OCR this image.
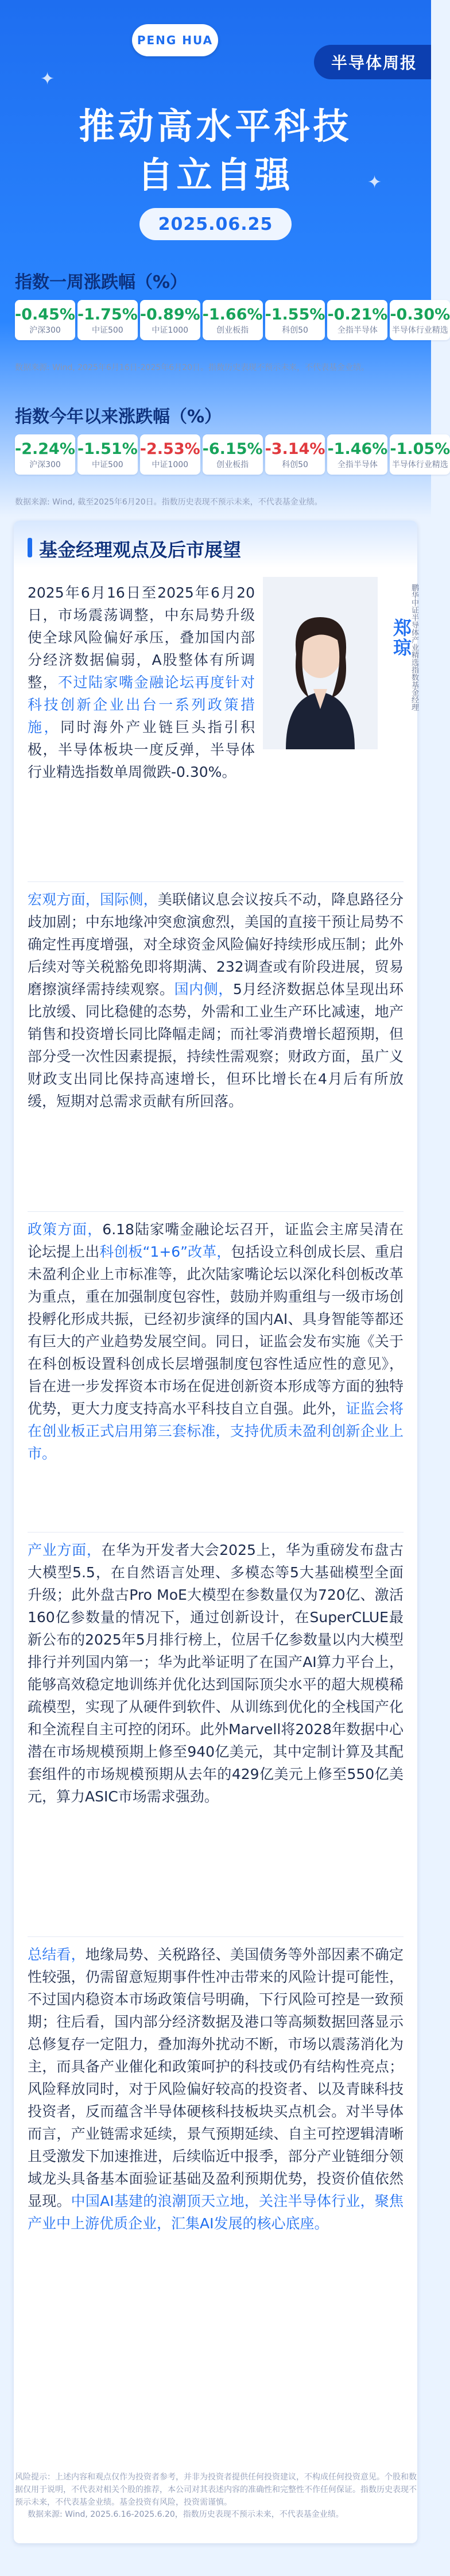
✦
✦
PENG HUA
半导体周报
推动高水平科技
自立自强
2025.06.25
指数一周涨跌幅（%）
-0.45%
沪深300
-1.75%
中证500
-0.89%
中证1000
-1.66%
创业板指
-1.55%
科创50
-0.21%
全指半导体
-0.30%
半导体行业精选
数据来源: Wind, 2025年6月16日-2025年6月20日。指数历史表现不预示未来，不代表基金业绩。
指数今年以来涨跌幅（%）
-2.24%
沪深300
-1.51%
中证500
-2.53%
中证1000
-6.15%
创业板指
-3.14%
科创50
-1.46%
全指半导体
-1.05%
半导体行业精选
数据来源: Wind, 截至2025年6月20日。指数历史表现不预示未来，不代表基金业绩。
基金经理观点及后市展望
郑琼
鹏华中证半导体产业精选指数基金经理
2025年6月16日至2025年6月20日，市场震荡调整，中东局势升级使全球风险偏好承压，叠加国内部分经济数据偏弱，A股整体有所调整，不过陆家嘴金融论坛再度针对科技创新企业出台一系列政策措施，同时海外产业链巨头指引积极，半导体板块一度反弹，半导体行业精选指数单周微跌-0.30%。
宏观方面，国际侧，美联储议息会议按兵不动，降息路径分歧加剧；中东地缘冲突愈演愈烈，美国的直接干预让局势不确定性再度增强，对全球资金风险偏好持续形成压制；此外后续对等关税豁免即将期满、232调查或有阶段进展，贸易磨擦演绎需持续观察。国内侧，5月经济数据总体呈现出环比放缓、同比稳健的态势，外需和工业生产环比减速，地产销售和投资增长同比降幅走阔；而社零消费增长超预期，但部分受一次性因素提振，持续性需观察；财政方面，虽广义财政支出同比保持高速增长，但环比增长在4月后有所放缓，短期对总需求贡献有所回落。
政策方面，6.18陆家嘴金融论坛召开，证监会主席吴清在论坛提上出科创板“1+6”改革，包括设立科创成长层、重启未盈利企业上市标准等，此次陆家嘴论坛以深化科创板改革为重点，重在加强制度包容性，鼓励并购重组与一级市场创投孵化形成共振，已经初步演绎的国内AI、具身智能等都还有巨大的产业趋势发展空间。同日，证监会发布实施《关于在科创板设置科创成长层增强制度包容性适应性的意见》，旨在进一步发挥资本市场在促进创新资本形成等方面的独特优势，更大力度支持高水平科技自立自强。此外，证监会将在创业板正式启用第三套标准，支持优质未盈利创新企业上市。
产业方面，在华为开发者大会2025上，华为重磅发布盘古大模型5.5，在自然语言处理、多模态等5大基础模型全面升级；此外盘古Pro MoE大模型在参数量仅为720亿、激活160亿参数量的情况下，通过创新设计，在SuperCLUE最新公布的2025年5月排行榜上，位居千亿参数量以内大模型排行并列国内第一；华为此举证明了在国产AI算力平台上，能够高效稳定地训练并优化达到国际顶尖水平的超大规模稀疏模型，实现了从硬件到软件、从训练到优化的全栈国产化和全流程自主可控的闭环。此外Marvell将2028年数据中心潜在市场规模预期上修至940亿美元，其中定制计算及其配套组件的市场规模预期从去年的429亿美元上修至550亿美元，算力ASIC市场需求强劲。
总结看，地缘局势、关税路径、美国债务等外部因素不确定性较强，仍需留意短期事件性冲击带来的风险计提可能性，不过国内稳资本市场政策信号明确，下行风险可控是一致预期；往后看，国内部分经济数据及港口等高频数据回落显示总修复存一定阻力，叠加海外扰动不断，市场以震荡消化为主，而具备产业催化和政策呵护的科技或仍有结构性亮点；风险释放同时，对于风险偏好较高的投资者、以及青睐科技投资者，反而蕴含半导体硬核科技板块买点机会。对半导体而言，产业链需求延续，景气预期延续、自主可控逻辑清晰且受激发下加速推进，后续临近中报季，部分产业链细分领域龙头具备基本面验证基础及盈利预期优势，投资价值依然显现。中国AI基建的浪潮顶天立地，关注半导体行业，聚焦产业中上游优质企业，汇集AI发展的核心底座。
数据来源: Wind, 2025.6.16-2025.6.20，指数历史表现不预示未来，不代表基金业绩。
风险提示：上述内容和观点仅作为投资者参考，并非为投资者提供任何投资建议，不构成任何投资意见。个股和数据仅用于说明，不代表对相关个股的推荐，本公司对其表述内容的准确性和完整性不作任何保证。指数历史表现不预示未来，不代表基金业绩。基金投资有风险，投资需谨慎。
